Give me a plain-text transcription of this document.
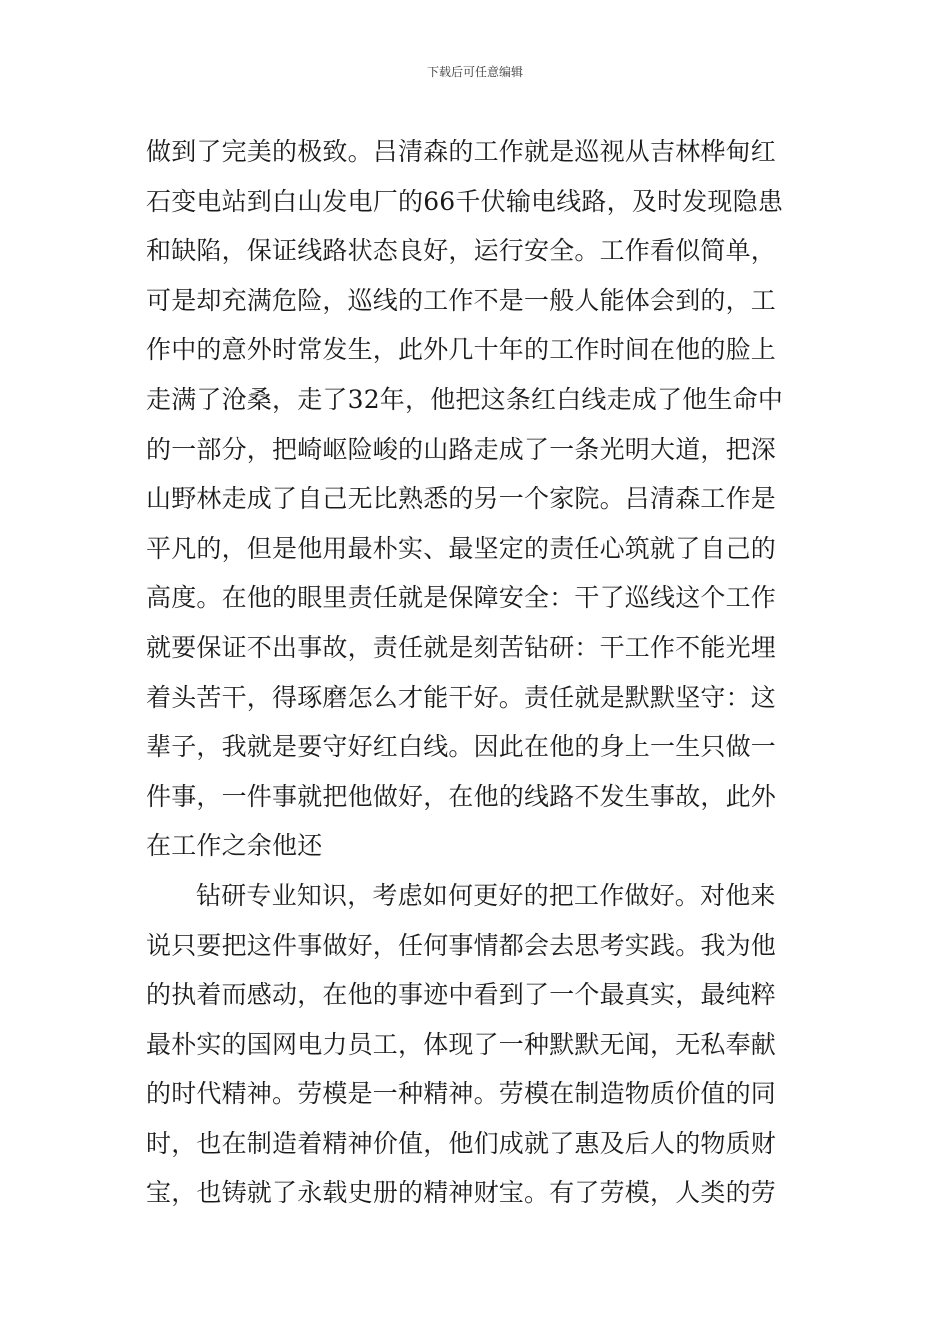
下载后可任意编辑
做到了完美的极致。吕清森的工作就是巡视从吉林桦甸红
石变电站到白山发电厂的66千伏输电线路，及时发现隐患
和缺陷，保证线路状态良好，运行安全。工作看似简单，
可是却充满危险，巡线的工作不是一般人能体会到的，工
作中的意外时常发生，此外几十年的工作时间在他的脸上
走满了沧桑，走了32年，他把这条红白线走成了他生命中
的一部分，把崎岖险峻的山路走成了一条光明大道，把深
山野林走成了自己无比熟悉的另一个家院。吕清森工作是
平凡的，但是他用最朴实、最坚定的责任心筑就了自己的
高度。在他的眼里责任就是保障安全：干了巡线这个工作
就要保证不出事故，责任就是刻苦钻研：干工作不能光埋
着头苦干，得琢磨怎么才能干好。责任就是默默坚守：这
辈子，我就是要守好红白线。因此在他的身上一生只做一
件事，一件事就把他做好，在他的线路不发生事故，此外
在工作之余他还
钻研专业知识，考虑如何更好的把工作做好。对他来
说只要把这件事做好，任何事情都会去思考实践。我为他
的执着而感动，在他的事迹中看到了一个最真实，最纯粹
最朴实的国网电力员工，体现了一种默默无闻，无私奉献
的时代精神。劳模是一种精神。劳模在制造物质价值的同
时，也在制造着精神价值，他们成就了惠及后人的物质财
宝，也铸就了永载史册的精神财宝。有了劳模，人类的劳
